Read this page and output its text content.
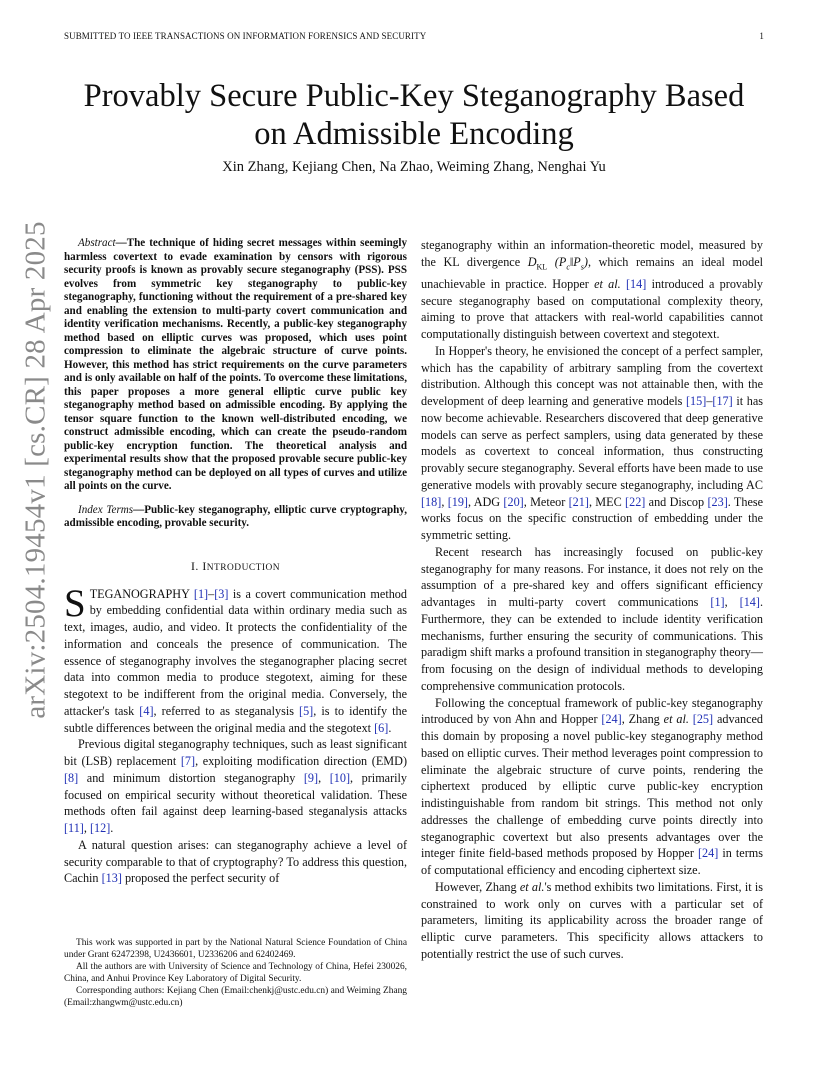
SUBMITTED TO IEEE TRANSACTIONS ON INFORMATION FORENSICS AND SECURITY	1
arXiv:2504.19454v1 [cs.CR] 28 Apr 2025
Provably Secure Public-Key Steganography Based on Admissible Encoding
Xin Zhang, Kejiang Chen, Na Zhao, Weiming Zhang, Nenghai Yu

Abstract—The technique of hiding secret messages within seemingly harmless covertext to evade examination by censors with rigorous security proofs is known as provably secure steganography (PSS). PSS evolves from symmetric key steganography to public-key steganography, functioning without the requirement of a pre-shared key and enabling the extension to multi-party covert communication and identity verification mechanisms. Recently, a public-key steganography method based on elliptic curves was proposed, which uses point compression to eliminate the algebraic structure of curve points. However, this method has strict requirements on the curve parameters and is only available on half of the points. To overcome these limitations, this paper proposes a more general elliptic curve public key steganography method based on admissible encoding. By applying the tensor square function to the known well-distributed encoding, we construct admissible encoding, which can create the pseudo-random public-key encryption function. The theoretical analysis and experimental results show that the proposed provable secure public-key steganography method can be deployed on all types of curves and utilize all points on the curve.

Index Terms—Public-key steganography, elliptic curve cryptography, admissible encoding, provable security.

I. INTRODUCTION

STEGANOGRAPHY [1]–[3] is a covert communication method by embedding confidential data within ordinary media such as text, images, audio, and video. It protects the confidentiality of the information and conceals the presence of communication. The essence of steganography involves the steganographer placing secret data into common media to produce stegotext, aiming for these stegotext to be indifferent from the original media. Conversely, the attacker's task [4], referred to as steganalysis [5], is to identify the subtle differences between the original media and the stegotext [6].

Previous digital steganography techniques, such as least significant bit (LSB) replacement [7], exploiting modification direction (EMD) [8] and minimum distortion steganography [9], [10], primarily focused on empirical security without theoretical validation. These methods often fail against deep learning-based steganalysis attacks [11], [12].

A natural question arises: can steganography achieve a level of security comparable to that of cryptography? To address this question, Cachin [13] proposed the perfect security of

This work was supported in part by the National Natural Science Foundation of China under Grant 62472398, U2436601, U2336206 and 62402469.

All the authors are with University of Science and Technology of China, Hefei 230026, China, and Anhui Province Key Laboratory of Digital Security.

Corresponding authors: Kejiang Chen (Email:chenkj@ustc.edu.cn) and Weiming Zhang (Email:zhangwm@ustc.edu.cn)

steganography within an information-theoretic model, measured by the KL divergence $D_{KL}$ $(P_c‖P_s)$, which remains an ideal model unachievable in practice. Hopper et al. [14] introduced a provably secure steganography based on computational complexity theory, aiming to prove that attackers with real-world capabilities cannot computationally distinguish between covertext and stegotext.

In Hopper's theory, he envisioned the concept of a perfect sampler, which has the capability of arbitrary sampling from the covertext distribution. Although this concept was not attainable then, with the development of deep learning and generative models [15]–[17] it has now become achievable. Researchers discovered that deep generative models can serve as perfect samplers, using data generated by these models as covertext to conceal information, thus constructing provably secure steganography. Several efforts have been made to use generative models with provably secure steganography, including AC [18], [19], ADG [20], Meteor [21], MEC [22] and Discop [23]. These works focus on the specific construction of embedding under the symmetric setting.

Recent research has increasingly focused on public-key steganography for many reasons. For instance, it does not rely on the assumption of a pre-shared key and offers significant efficiency advantages in multi-party covert communications [1], [14]. Furthermore, they can be extended to include identity verification mechanisms, further ensuring the security of communications. This paradigm shift marks a profound transition in steganography theory—from focusing on the design of individual methods to developing comprehensive communication protocols.

Following the conceptual framework of public-key steganography introduced by von Ahn and Hopper [24], Zhang et al. [25] advanced this domain by proposing a novel public-key steganography method based on elliptic curves. Their method leverages point compression to eliminate the algebraic structure of curve points, rendering the ciphertext produced by elliptic curve public-key encryption indistinguishable from random bit strings. This method not only addresses the challenge of embedding curve points directly into steganographic covertext but also presents advantages over the integer finite field-based methods proposed by Hopper [24] in terms of computational efficiency and encoding ciphertext size.

However, Zhang et al.'s method exhibits two limitations. First, it is constrained to work only on curves with a particular set of parameters, limiting its applicability across the broader range of elliptic curve parameters. This specificity allows attackers to potentially restrict the use of such curves.
